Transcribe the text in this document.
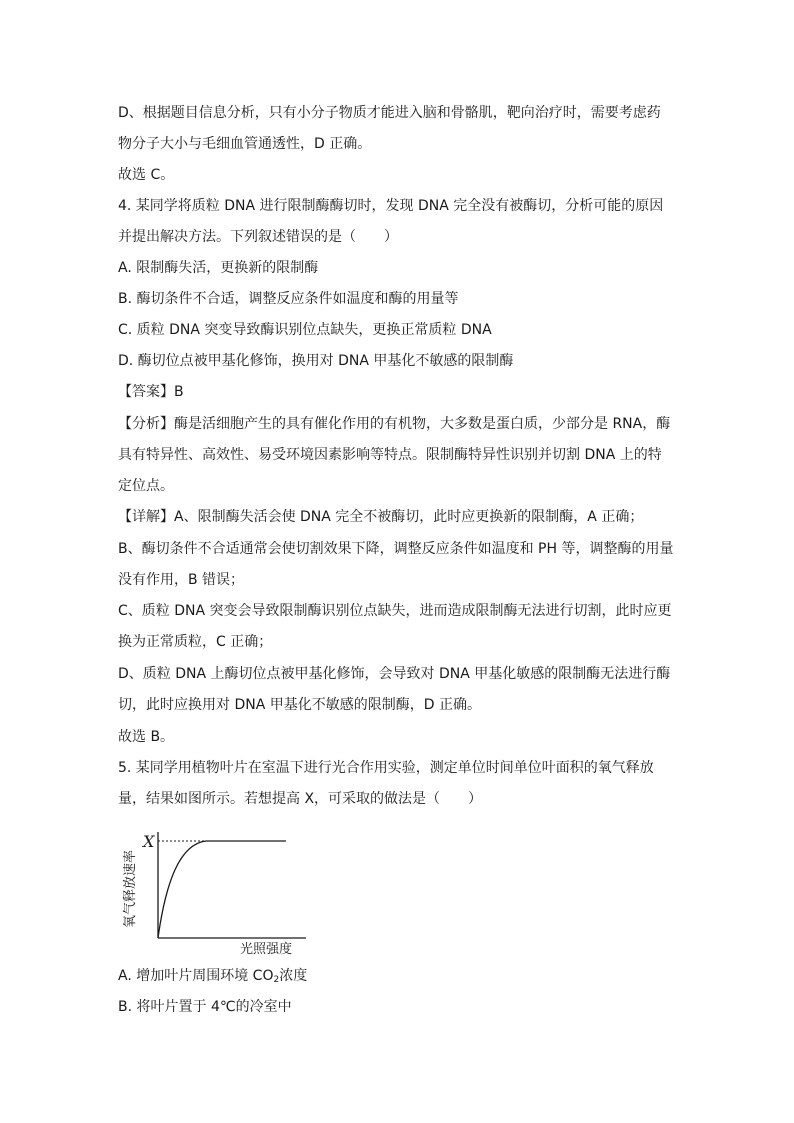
D、根据题目信息分析，只有小分子物质才能进入脑和骨骼肌，靶向治疗时，需要考虑药
物分子大小与毛细血管通透性，D 正确。
故选 C。
4. 某同学将质粒 DNA 进行限制酶酶切时，发现 DNA 完全没有被酶切，分析可能的原因
并提出解决方法。下列叙述错误的是（　　）
A. 限制酶失活，更换新的限制酶
B. 酶切条件不合适，调整反应条件如温度和酶的用量等
C. 质粒 DNA 突变导致酶识别位点缺失，更换正常质粒 DNA
D. 酶切位点被甲基化修饰，换用对 DNA 甲基化不敏感的限制酶
【答案】B
【分析】酶是活细胞产生的具有催化作用的有机物，大多数是蛋白质，少部分是 RNA，酶
具有特异性、高效性、易受环境因素影响等特点。限制酶特异性识别并切割 DNA 上的特
定位点。
【详解】A、限制酶失活会使 DNA 完全不被酶切，此时应更换新的限制酶，A 正确；
B、酶切条件不合适通常会使切割效果下降，调整反应条件如温度和 PH 等，调整酶的用量
没有作用，B 错误；
C、质粒 DNA 突变会导致限制酶识别位点缺失，进而造成限制酶无法进行切割，此时应更
换为正常质粒，C 正确；
D、质粒 DNA 上酶切位点被甲基化修饰，会导致对 DNA 甲基化敏感的限制酶无法进行酶
切，此时应换用对 DNA 甲基化不敏感的限制酶，D 正确。
故选 B。
5. 某同学用植物叶片在室温下进行光合作用实验，测定单位时间单位叶面积的氧气释放
量，结果如图所示。若想提高 X，可采取的做法是（　　）
X
氧气释放速率
光照强度
A. 增加叶片周围环境 $CO_2$浓度
B. 将叶片置于 4℃的冷室中
